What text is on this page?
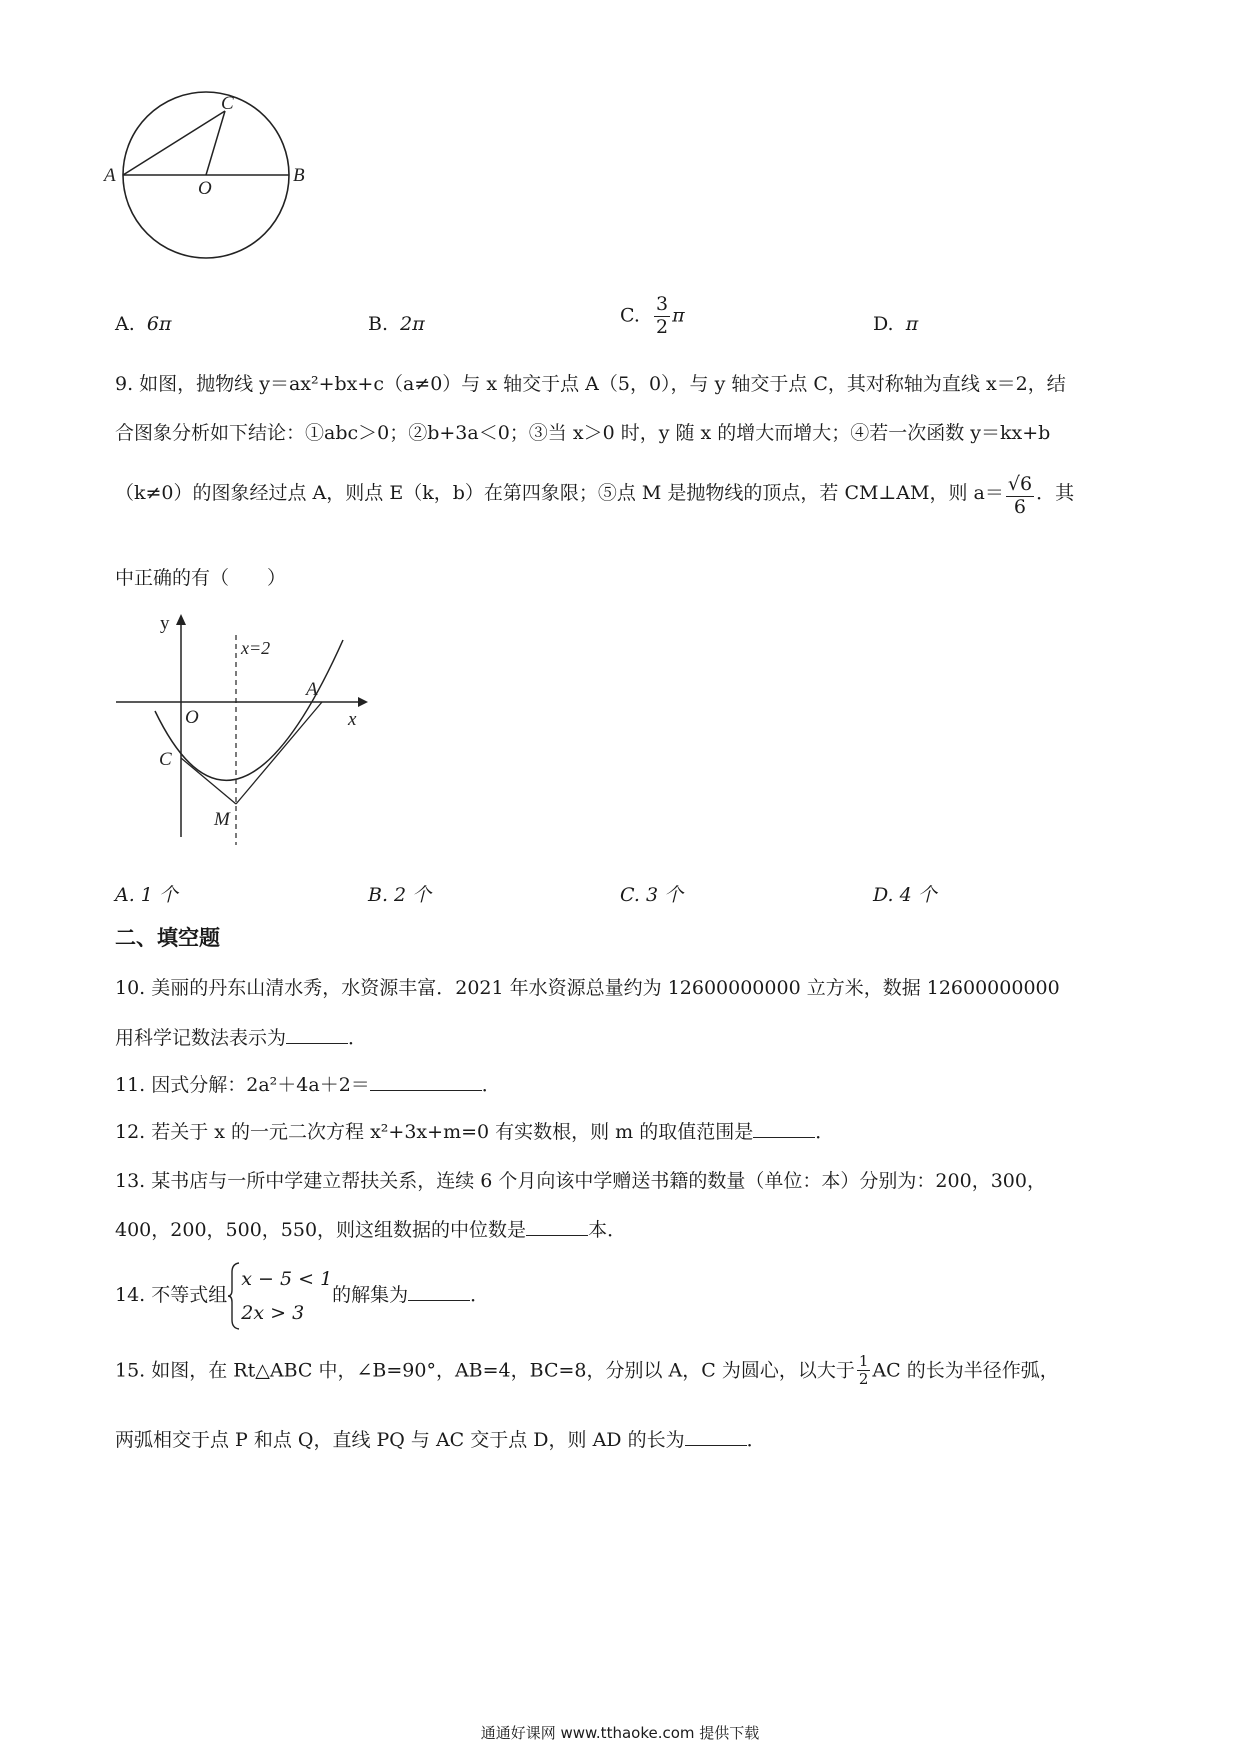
A	B
C
O
A. 6π	B. 2π	C. $\frac{3}{2}$ π	D. π
9. 如图，抛物线 y＝ax²+bx+c（a≠0）与 x 轴交于点 A（5，0），与 y 轴交于点 C，其对称轴为直线 x＝2，结
合图象分析如下结论：①abc＞0；②b+3a＜0；③当 x＞0 时，y 随 x 的增大而增大；④若一次函数 y＝kx+b
（k≠0）的图象经过点 A，则点 E（k，b）在第四象限；⑤点 M 是抛物线的顶点，若 CM⊥AM，则 $a= \frac{√6}{6}$ ．其
中正确的有（　　）
y
x
O
A
C
M
x=2
A. 1 个	B. 2 个	C. 3 个	D. 4 个
二、填空题
10. 美丽的丹东山清水秀，水资源丰富．2021 年水资源总量约为 12600000000 立方米，数据 12600000000
用科学记数法表示为	．
11. 因式分解：2a²＋4a＋2＝	．
12. 若关于 x 的一元二次方程 x²+3x+m=0 有实数根，则 m 的取值范围是	．
13. 某书店与一所中学建立帮扶关系，连续 6 个月向该中学赠送书籍的数量（单位：本）分别为：200，300，
400，200，500，550，则这组数据的中位数是	本．
14. 不等式组
x − 5 < 1
2x > 3
的解集为	．
15. 如图，在 Rt△ABC 中，∠B=90°，AB=4，BC=8，分别以 A，C 为圆心，以大于 $\frac{1}{2}$ AC 的长为半径作弧，
两弧相交于点 P 和点 Q，直线 PQ 与 AC 交于点 D，则 AD 的长为	．
通通好课网 www.tthaoke.com 提供下载
